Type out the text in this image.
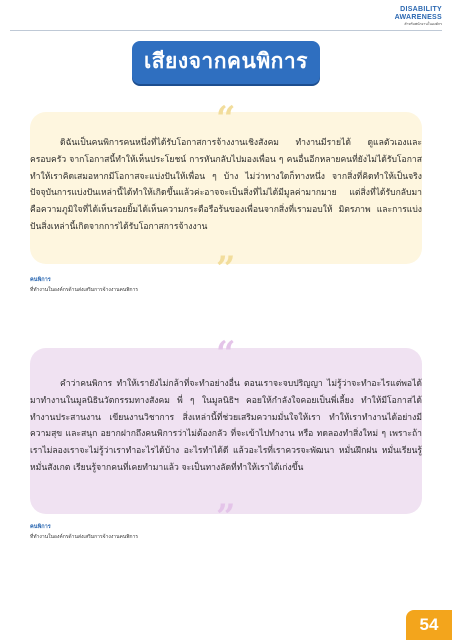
DISABILITY
AWARENESS
สำหรับพนักงานในองค์กร
เสียงจากคนพิการ
“
ดิฉันเป็นคนพิการคนหนึ่งที่ได้รับโอกาสการจ้างงานเชิงสังคม ทำงานมีรายได้ ดูแลตัวเองและครอบครัว จากโอกาสนี้ทำให้เห็นประโยชน์ การหันกลับไปมองเพื่อน ๆ คนอื่นอีกหลายคนที่ยังไม่ได้รับโอกาส ทำให้เราคิดเสมอหากมีโอกาสจะแบ่งปันให้เพื่อน ๆ บ้าง ไม่ว่าทางใดก็ทางหนึ่ง จากสิ่งที่คิดทำให้เป็นจริง ปัจจุบันการแบ่งปันเหล่านี้ได้ทำให้เกิดขึ้นแล้วค่ะอาจจะเป็นสิ่งที่ไม่ได้มีมูลค่ามากมาย แต่สิ่งที่ได้รับกลับมาคือความภูมิใจที่ได้เห็นรอยยิ้มได้เห็นความกระตือรือร้นของเพื่อนจากสิ่งที่เรามอบให้ มิตรภาพ และการแบ่งปันสิ่งเหล่านี้เกิดจากการได้รับโอกาสการจ้างงาน
”
คนพิการ
ที่ทำงานในองค์กรด้านส่งเสริมการจ้างงานคนพิการ
“
คำว่าคนพิการ ทำให้เรายังไม่กล้าที่จะทำอย่างอื่น ตอนเราจะจบปริญญา ไม่รู้ว่าจะทำอะไรแต่พอได้มาทำงานในมูลนิธินวัตกรรมทางสังคม พี่ ๆ ในมูลนิธิฯ คอยให้กำลังใจคอยเป็นพี่เลี้ยง ทำให้มีโอกาสได้ทำงานประสานงาน เขียนงานวิชาการ สิ่งเหล่านี้ที่ช่วยเสริมความมั่นใจให้เรา ทำให้เราทำงานได้อย่างมีความสุข และสนุก อยากฝากถึงคนพิการว่าไม่ต้องกลัว ที่จะเข้าไปทำงาน หรือ ทดลองทำสิ่งใหม่ ๆ เพราะถ้าเราไม่ลองเราจะไม่รู้ว่าเราทำอะไรได้บ้าง อะไรทำได้ดี แล้วอะไรที่เราควรจะพัฒนา หมั่นฝึกฝน หมั่นเรียนรู้หมั่นสังเกต เรียนรู้จากคนที่เคยทำมาแล้ว จะเป็นทางลัดที่ทำให้เราได้เก่งขึ้น
”
คนพิการ
ที่ทำงานในองค์กรด้านส่งเสริมการจ้างงานคนพิการ
54
